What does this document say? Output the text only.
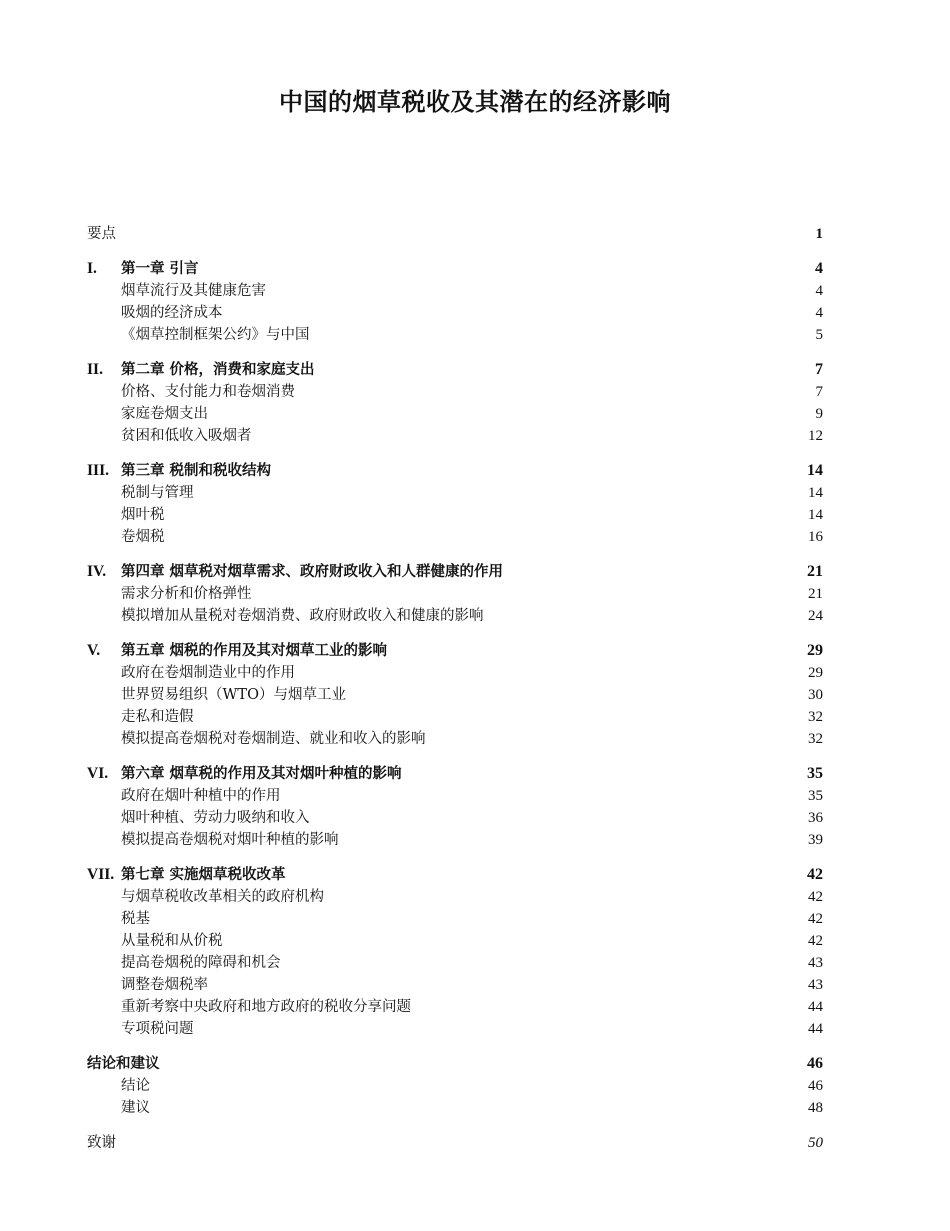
中国的烟草税收及其潜在的经济影响
要点	1
I. 第一章 引言	4
烟草流行及其健康危害	4
吸烟的经济成本	4
《烟草控制框架公约》与中国	5
II. 第二章 价格，消费和家庭支出	7
价格、支付能力和卷烟消费	7
家庭卷烟支出	9
贫困和低收入吸烟者	12
III. 第三章 税制和税收结构	14
税制与管理	14
烟叶税	14
卷烟税	16
IV. 第四章 烟草税对烟草需求、政府财政收入和人群健康的作用	21
需求分析和价格弹性	21
模拟增加从量税对卷烟消费、政府财政收入和健康的影响	24
V. 第五章 烟税的作用及其对烟草工业的影响	29
政府在卷烟制造业中的作用	29
世界贸易组织（WTO）与烟草工业	30
走私和造假	32
模拟提高卷烟税对卷烟制造、就业和收入的影响	32
VI. 第六章 烟草税的作用及其对烟叶种植的影响	35
政府在烟叶种植中的作用	35
烟叶种植、劳动力吸纳和收入	36
模拟提高卷烟税对烟叶种植的影响	39
VII. 第七章 实施烟草税收改革	42
与烟草税收改革相关的政府机构	42
税基	42
从量税和从价税	42
提高卷烟税的障碍和机会	43
调整卷烟税率	43
重新考察中央政府和地方政府的税收分享问题	44
专项税问题	44
结论和建议	46
结论	46
建议	48
致谢	50
